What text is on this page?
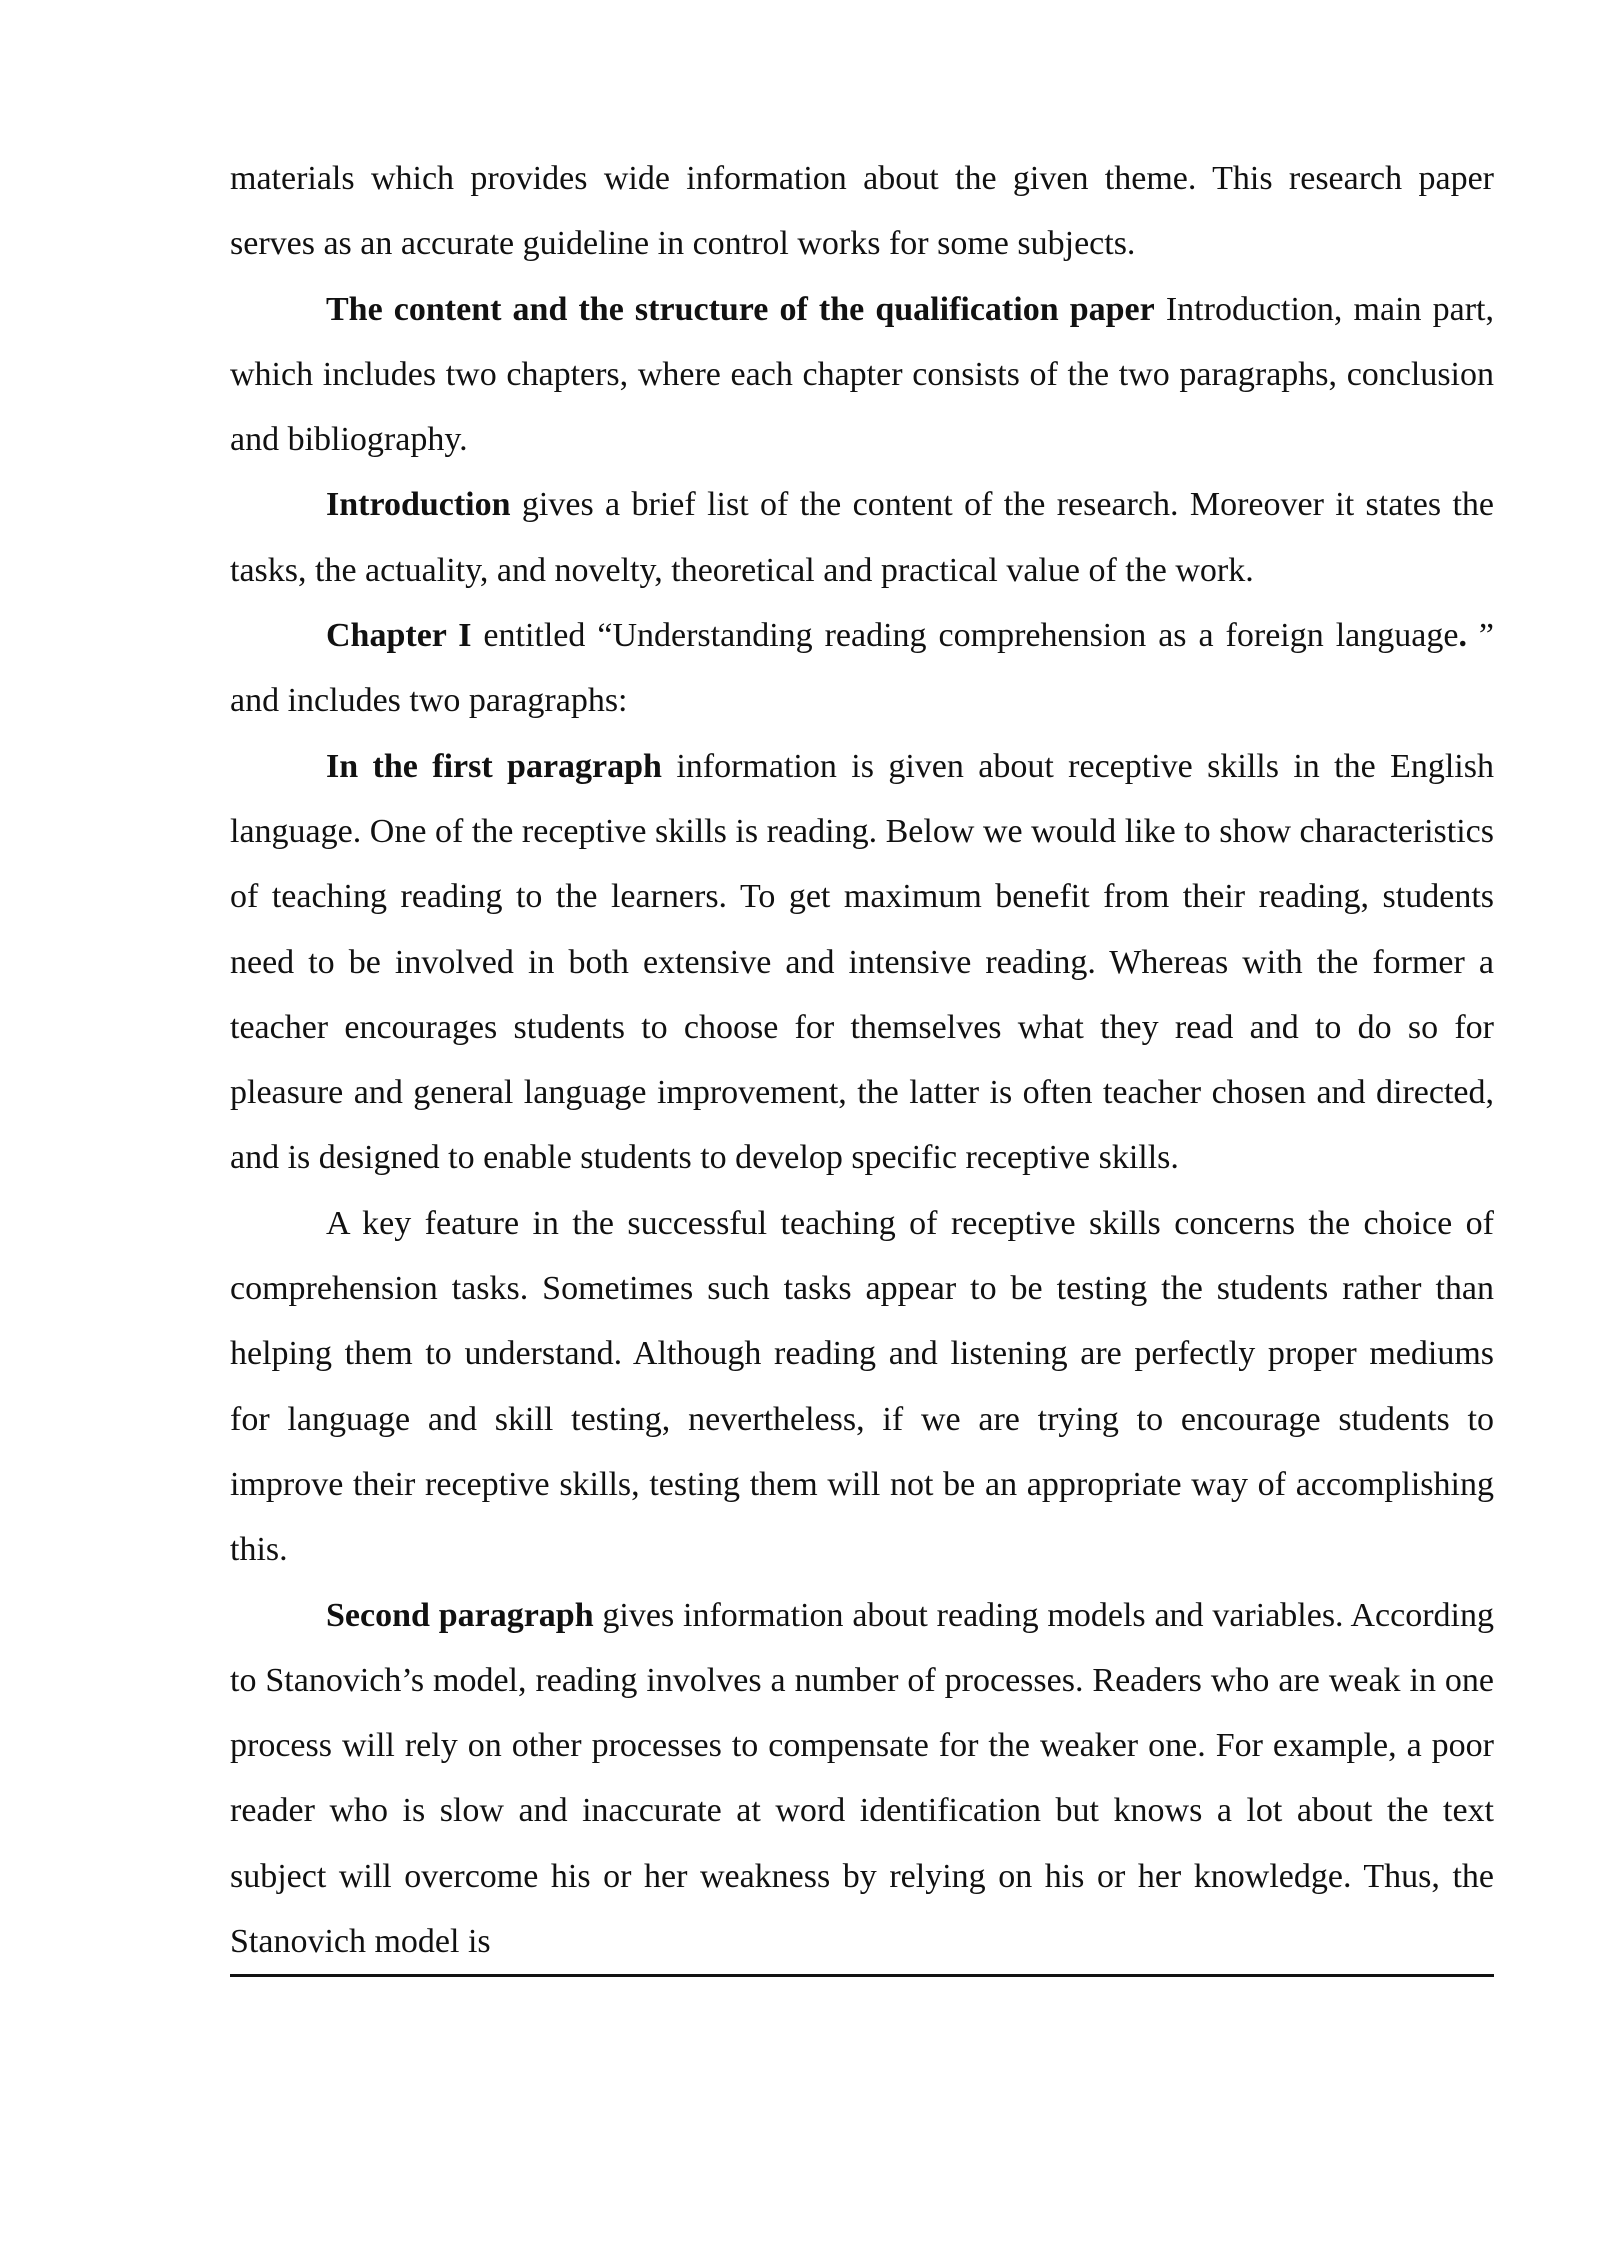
materials which provides wide information about the given theme. This research paper serves as an accurate guideline in control works for some subjects.

The content and the structure of the qualification paper Introduction, main part, which includes two chapters, where each chapter consists of the two paragraphs, conclusion and bibliography.

Introduction gives a brief list of the content of the research. Moreover it states the tasks, the actuality, and novelty, theoretical and practical value of the work.

Chapter I entitled “Understanding reading comprehension as a foreign language. ” and includes two paragraphs:

In the first paragraph information is given about receptive skills in the English language. One of the receptive skills is reading. Below we would like to show characteristics of teaching reading to the learners. To get maximum benefit from their reading, students need to be involved in both extensive and intensive reading. Whereas with the former a teacher encourages students to choose for themselves what they read and to do so for pleasure and general language improvement, the latter is often teacher chosen and directed, and is designed to enable students to develop specific receptive skills.

A key feature in the successful teaching of receptive skills concerns the choice of comprehension tasks. Sometimes such tasks appear to be testing the students rather than helping them to understand. Although reading and listening are perfectly proper mediums for language and skill testing, nevertheless, if we are trying to encourage students to improve their receptive skills, testing them will not be an appropriate way of accomplishing this.

Second paragraph gives information about reading models and variables. According to Stanovich’s model, reading involves a number of processes. Readers who are weak in one process will rely on other processes to compensate for the weaker one. For example, a poor reader who is slow and inaccurate at word identification but knows a lot about the text subject will overcome his or her weakness by relying on his or her knowledge. Thus, the Stanovich model is
